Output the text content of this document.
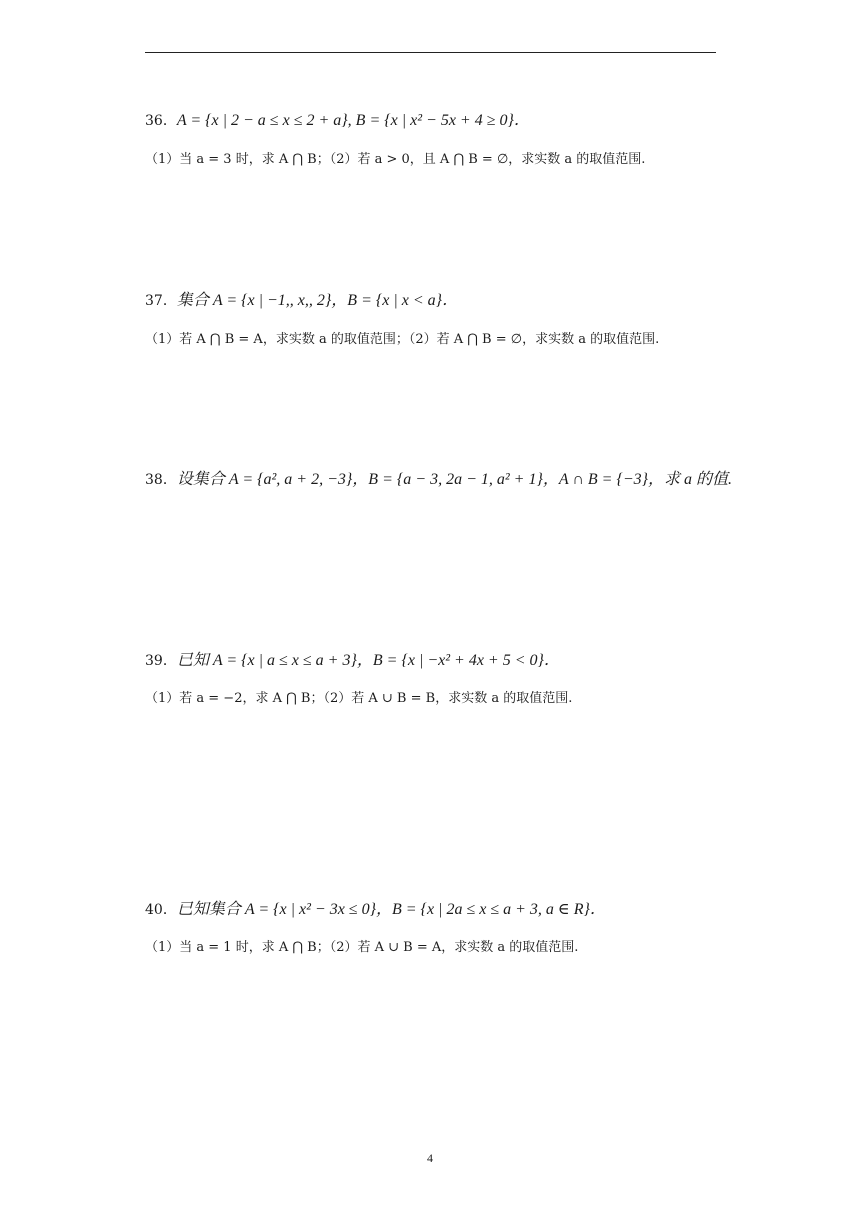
36．A = {x | 2 − a ≤ x ≤ 2 + a}, B = {x | x² − 5x + 4 ≥ 0}．
（1）当 a = 3 时，求 A ⋂ B；（2）若 a > 0，且 A ⋂ B = ∅，求实数 a 的取值范围.
37．集合 A = {x | −1,, x,, 2}，B = {x | x < a}．
（1）若 A ⋂ B = A，求实数 a 的取值范围；（2）若 A ⋂ B = ∅，求实数 a 的取值范围.
38．设集合 A = {a², a + 2, −3}，B = {a − 3, 2a − 1, a² + 1}，A ∩ B = {−3}，求 a 的值.
39．已知 A = {x | a ≤ x ≤ a + 3}，B = {x | −x² + 4x + 5 < 0}．
（1）若 a = −2，求 A ⋂ B；（2）若 A ∪ B = B，求实数 a 的取值范围.
40．已知集合 A = {x | x² − 3x ≤ 0}，B = {x | 2a ≤ x ≤ a + 3, a ∈ R}．
（1）当 a = 1 时，求 A ⋂ B；（2）若 A ∪ B = A，求实数 a 的取值范围.
4
